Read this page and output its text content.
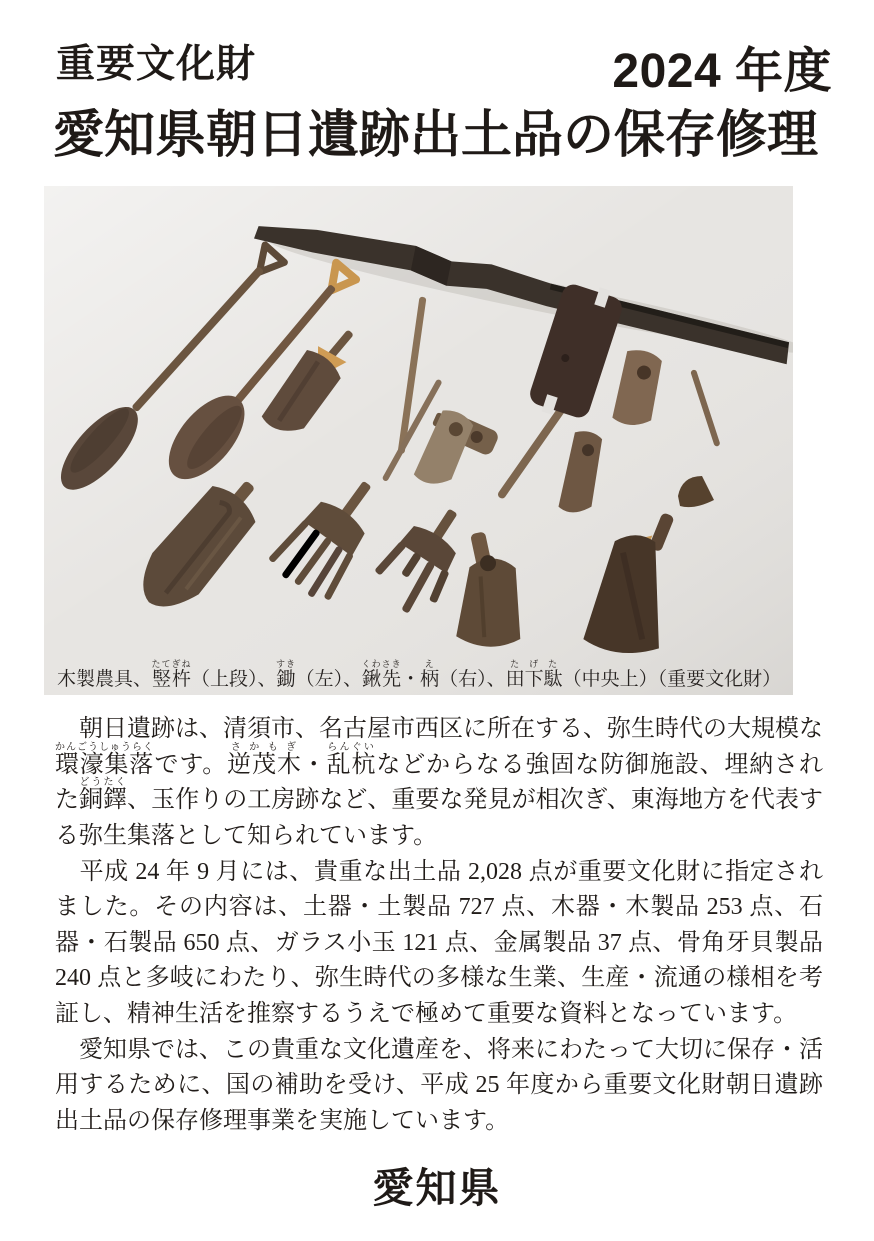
重要文化財	2024 年度
愛知県朝日遺跡出土品の保存修理
木製農具、竪杵たてぎね（上段）、鋤すき（左）、鍬先くわさき・柄え（右）、田下駄たげた（中央上）（重要文化財）

　朝日遺跡は、清須市、名古屋市西区に所在する、弥生時代の大規模な環濠集落かんごうしゅうらくです。逆茂木さかもぎ・乱杭らんぐいなどからなる強固な防御施設、埋納された銅鐸どうたく、玉作りの工房跡など、重要な発見が相次ぎ、東海地方を代表する弥生集落として知られています。

　平成 24 年 9 月には、貴重な出土品 2,028 点が重要文化財に指定されました。その内容は、土器・土製品 727 点、木器・木製品 253 点、石器・石製品 650 点、ガラス小玉 121 点、金属製品 37 点、骨角牙貝製品 240 点と多岐にわたり、弥生時代の多様な生業、生産・流通の様相を考証し、精神生活を推察するうえで極めて重要な資料となっています。

　愛知県では、この貴重な文化遺産を、将来にわたって大切に保存・活用するために、国の補助を受け、平成 25 年度から重要文化財朝日遺跡出土品の保存修理事業を実施しています。

愛知県
